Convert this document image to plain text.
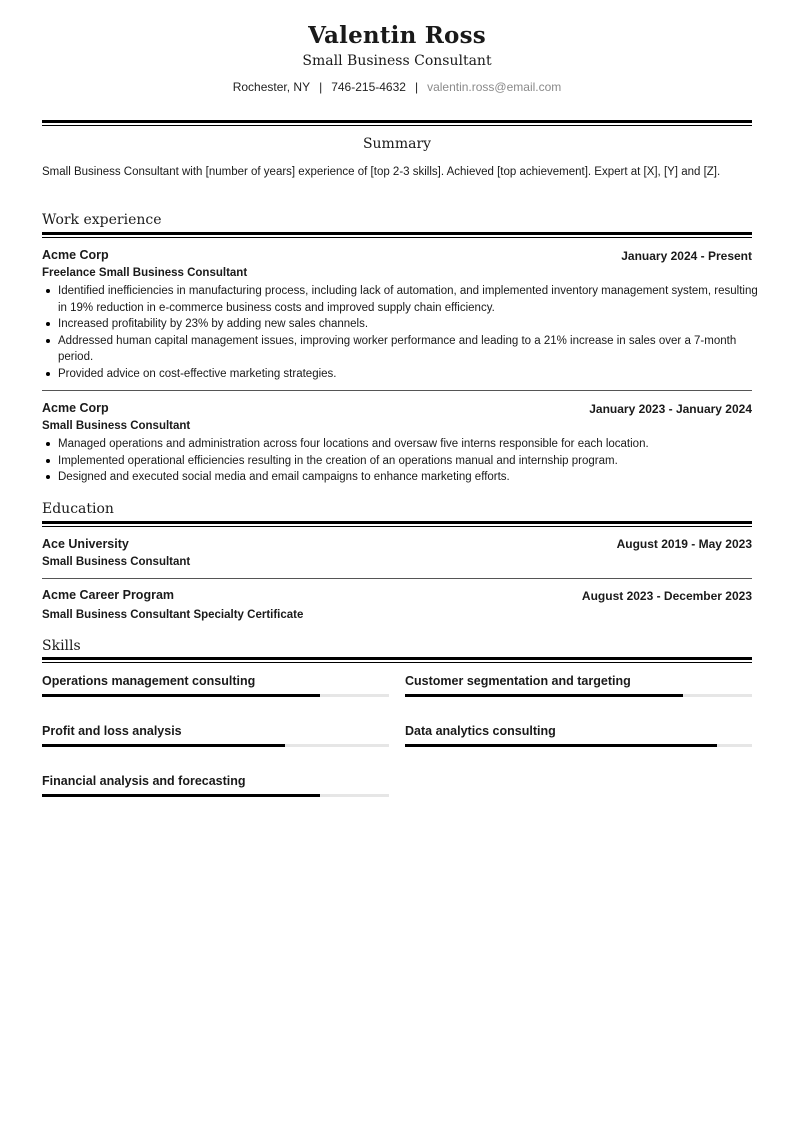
Valentin Ross
Small Business Consultant
Rochester, NY | 746-215-4632 | valentin.ross@email.com
Summary
Small Business Consultant with [number of years] experience of [top 2-3 skills]. Achieved [top achievement]. Expert at [X], [Y] and [Z].
Work experience
Acme Corp	January 2024 - Present
Freelance Small Business Consultant
Identified inefficiencies in manufacturing process, including lack of automation, and implemented inventory management system, resulting in 19% reduction in e-commerce business costs and improved supply chain efficiency.
Increased profitability by 23% by adding new sales channels.
Addressed human capital management issues, improving worker performance and leading to a 21% increase in sales over a 7-month period.
Provided advice on cost-effective marketing strategies.
Acme Corp	January 2023 - January 2024
Small Business Consultant
Managed operations and administration across four locations and oversaw five interns responsible for each location.
Implemented operational efficiencies resulting in the creation of an operations manual and internship program.
Designed and executed social media and email campaigns to enhance marketing efforts.
Education
Ace University	August 2019 - May 2023
Small Business Consultant
Acme Career Program	August 2023 - December 2023
Small Business Consultant Specialty Certificate
Skills
Operations management consulting	Customer segmentation and targeting
Profit and loss analysis	Data analytics consulting
Financial analysis and forecasting
